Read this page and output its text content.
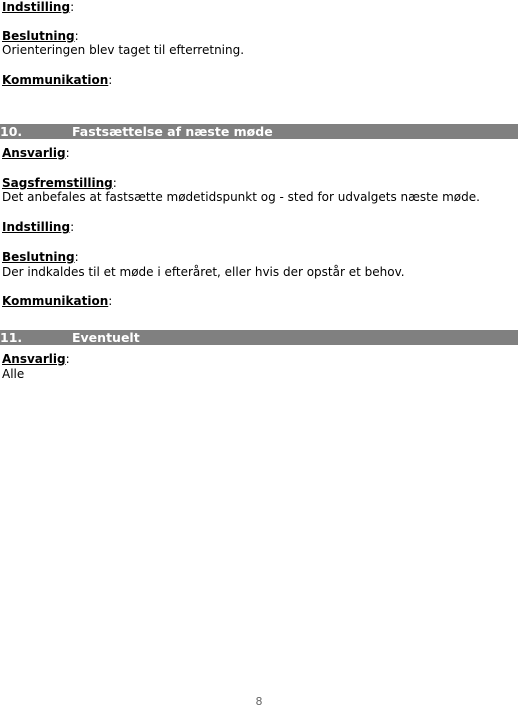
Indstilling:
Beslutning:
Orienteringen blev taget til efterretning.
Kommunikation:
10.	Fastsættelse af næste møde
Ansvarlig:
Sagsfremstilling:
Det anbefales at fastsætte mødetidspunkt og - sted for udvalgets næste møde.
Indstilling:
Beslutning:
Der indkaldes til et møde i efteråret, eller hvis der opstår et behov.
Kommunikation:
11.	Eventuelt
Ansvarlig:
Alle
8
